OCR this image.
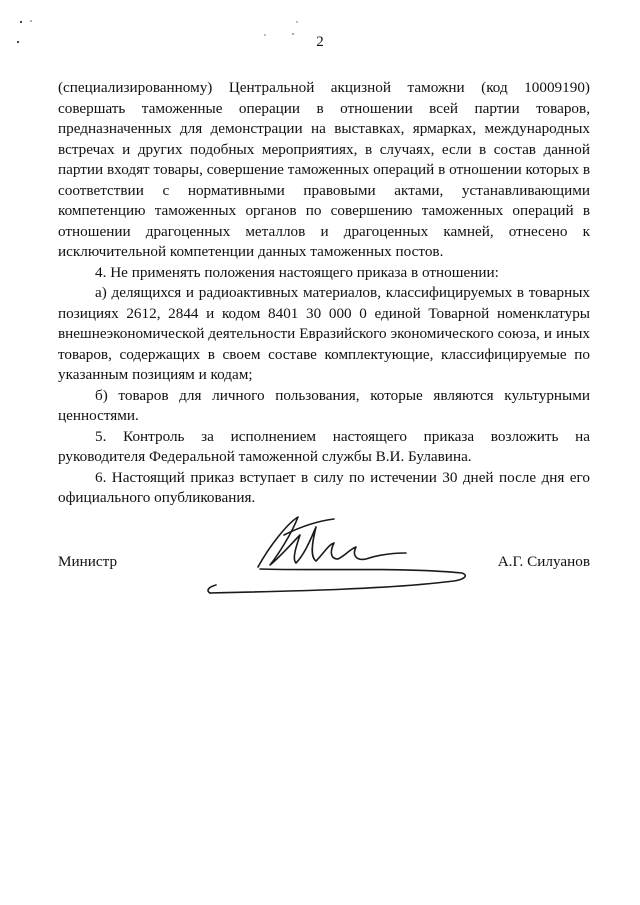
2

(специализированному) Центральной акцизной таможни (код 10009190) совершать таможенные операции в отношении всей партии товаров, предназначенных для демонстрации на выставках, ярмарках, международных встречах и других подобных мероприятиях, в случаях, если в состав данной партии входят товары, совершение таможенных операций в отношении которых в соответствии с нормативными правовыми актами, устанавливающими компетенцию таможенных органов по совершению таможенных операций в отношении драгоценных металлов и драгоценных камней, отнесено к исключительной компетенции данных таможенных постов.

4. Не применять положения настоящего приказа в отношении:

а) делящихся и радиоактивных материалов, классифицируемых в товарных позициях 2612, 2844 и кодом 8401 30 000 0 единой Товарной номенклатуры внешнеэкономической деятельности Евразийского экономического союза, и иных товаров, содержащих в своем составе комплектующие, классифицируемые по указанным позициям и кодам;

б) товаров для личного пользования, которые являются культурными ценностями.

5. Контроль за исполнением настоящего приказа возложить на руководителя Федеральной таможенной службы В.И. Булавина.

6. Настоящий приказ вступает в силу по истечении 30 дней после дня его официального опубликования.

Министр	А.Г. Силуанов
